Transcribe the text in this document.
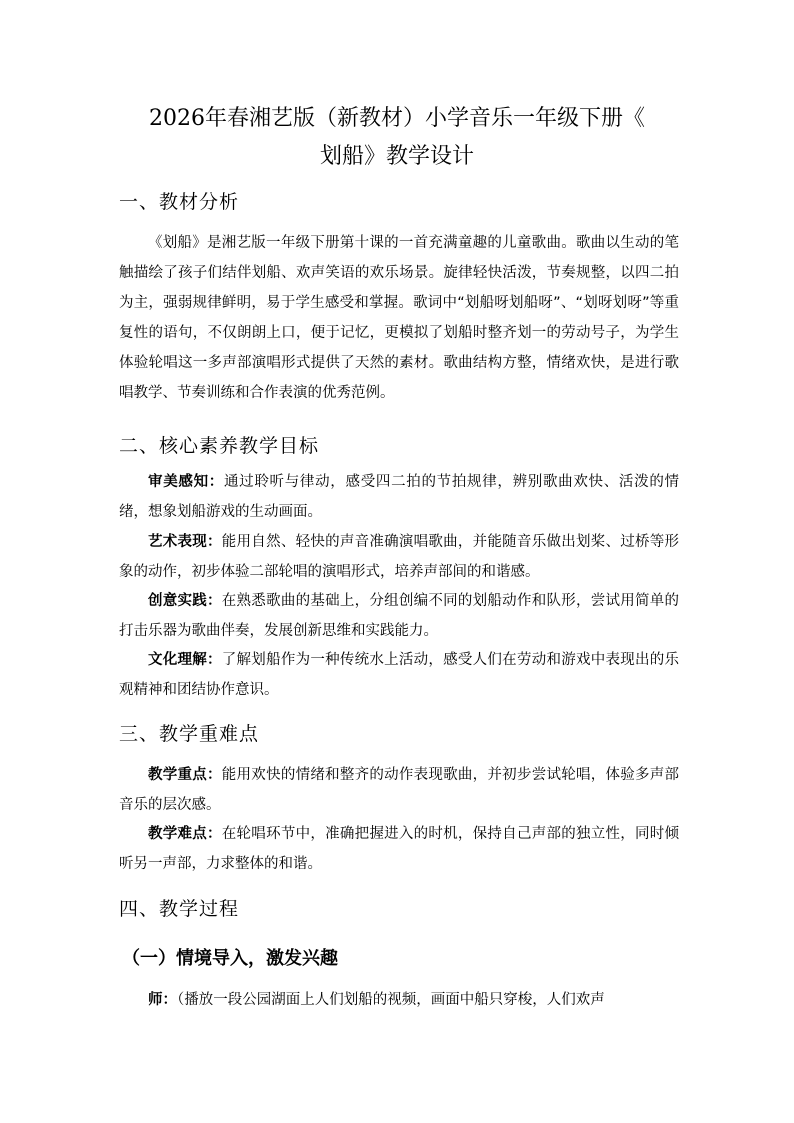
2026年春湘艺版（新教材）小学音乐一年级下册《
划船》教学设计
一、教材分析

《划船》是湘艺版一年级下册第十课的一首充满童趣的儿童歌曲。歌曲以生动的笔触描绘了孩子们结伴划船、欢声笑语的欢乐场景。旋律轻快活泼，节奏规整，以四二拍为主，强弱规律鲜明，易于学生感受和掌握。歌词中“划船呀划船呀”、“划呀划呀”等重复性的语句，不仅朗朗上口，便于记忆，更模拟了划船时整齐划一的劳动号子，为学生体验轮唱这一多声部演唱形式提供了天然的素材。歌曲结构方整，情绪欢快，是进行歌唱教学、节奏训练和合作表演的优秀范例。

二、核心素养教学目标

审美感知：通过聆听与律动，感受四二拍的节拍规律，辨别歌曲欢快、活泼的情绪，想象划船游戏的生动画面。

艺术表现：能用自然、轻快的声音准确演唱歌曲，并能随音乐做出划桨、过桥等形象的动作，初步体验二部轮唱的演唱形式，培养声部间的和谐感。

创意实践：在熟悉歌曲的基础上，分组创编不同的划船动作和队形，尝试用简单的打击乐器为歌曲伴奏，发展创新思维和实践能力。

文化理解：了解划船作为一种传统水上活动，感受人们在劳动和游戏中表现出的乐观精神和团结协作意识。

三、教学重难点

教学重点：能用欢快的情绪和整齐的动作表现歌曲，并初步尝试轮唱，体验多声部音乐的层次感。

教学难点：在轮唱环节中，准确把握进入的时机，保持自己声部的独立性，同时倾听另一声部，力求整体的和谐。

四、教学过程
（一）情境导入，激发兴趣

师：（播放一段公园湖面上人们划船的视频，画面中船只穿梭，人们欢声
